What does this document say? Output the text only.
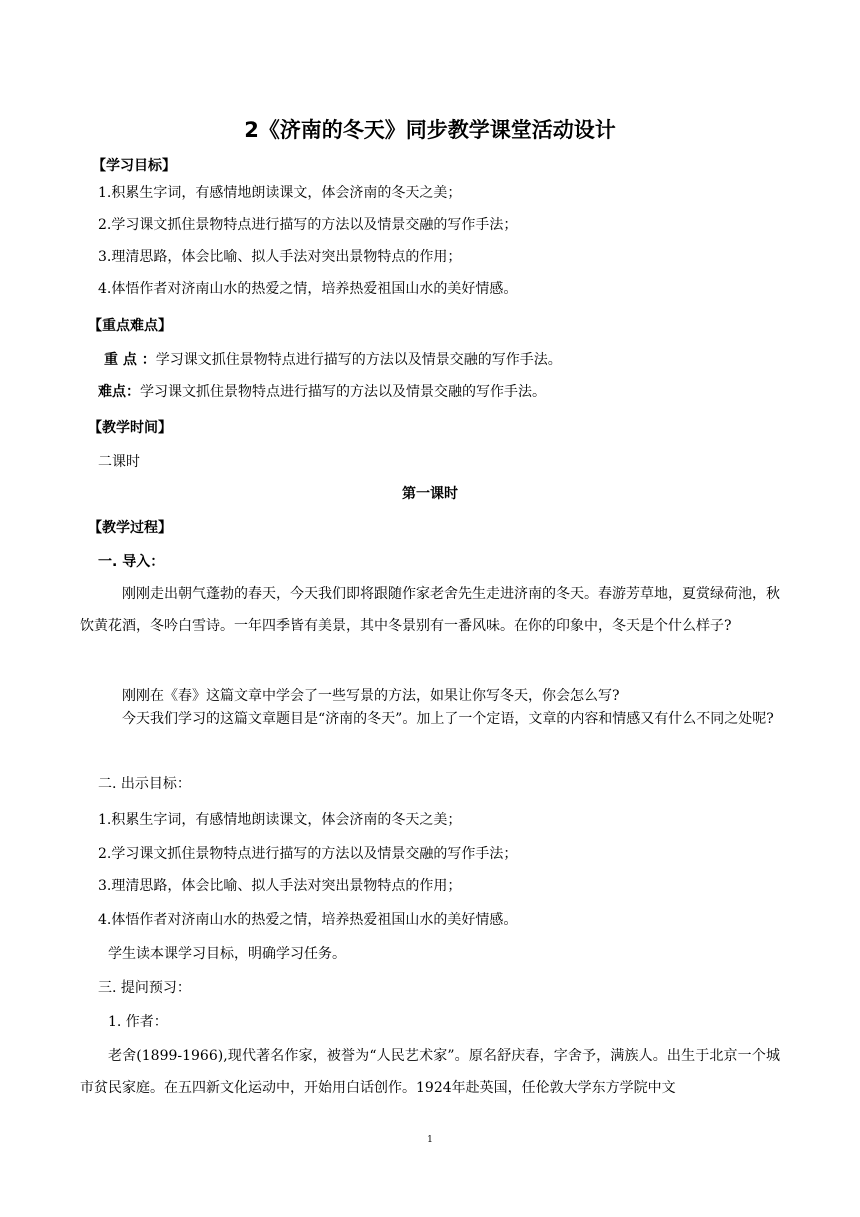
2《济南的冬天》同步教学课堂活动设计
【学习目标】
1.积累生字词，有感情地朗读课文，体会济南的冬天之美；
2.学习课文抓住景物特点进行描写的方法以及情景交融的写作手法；
3.理清思路，体会比喻、拟人手法对突出景物特点的作用；
4.体悟作者对济南山水的热爱之情，培养热爱祖国山水的美好情感。
【重点难点】
重 点 ：学习课文抓住景物特点进行描写的方法以及情景交融的写作手法。
难点：学习课文抓住景物特点进行描写的方法以及情景交融的写作手法。
【教学时间】
二课时
第一课时
【教学过程】
一. 导入：

刚刚走出朝气蓬勃的春天，今天我们即将跟随作家老舍先生走进济南的冬天。春游芳草地，夏赏绿荷池，秋饮黄花酒，冬吟白雪诗。一年四季皆有美景，其中冬景别有一番风味。在你的印象中，冬天是个什么样子?

刚刚在《春》这篇文章中学会了一些写景的方法，如果让你写冬天，你会怎么写?

今天我们学习的这篇文章题目是“济南的冬天”。加上了一个定语，文章的内容和情感又有什么不同之处呢?

二. 出示目标：
1.积累生字词，有感情地朗读课文，体会济南的冬天之美；
2.学习课文抓住景物特点进行描写的方法以及情景交融的写作手法；
3.理清思路，体会比喻、拟人手法对突出景物特点的作用；
4.体悟作者对济南山水的热爱之情，培养热爱祖国山水的美好情感。
学生读本课学习目标，明确学习任务。
三. 提问预习：
1. 作者：

老舍(1899-1966),现代著名作家，被誉为“人民艺术家”。原名舒庆春，字舍予，满族人。出生于北京一个城市贫民家庭。在五四新文化运动中，开始用白话创作。1924年赴英国，任伦敦大学东方学院中文

1
